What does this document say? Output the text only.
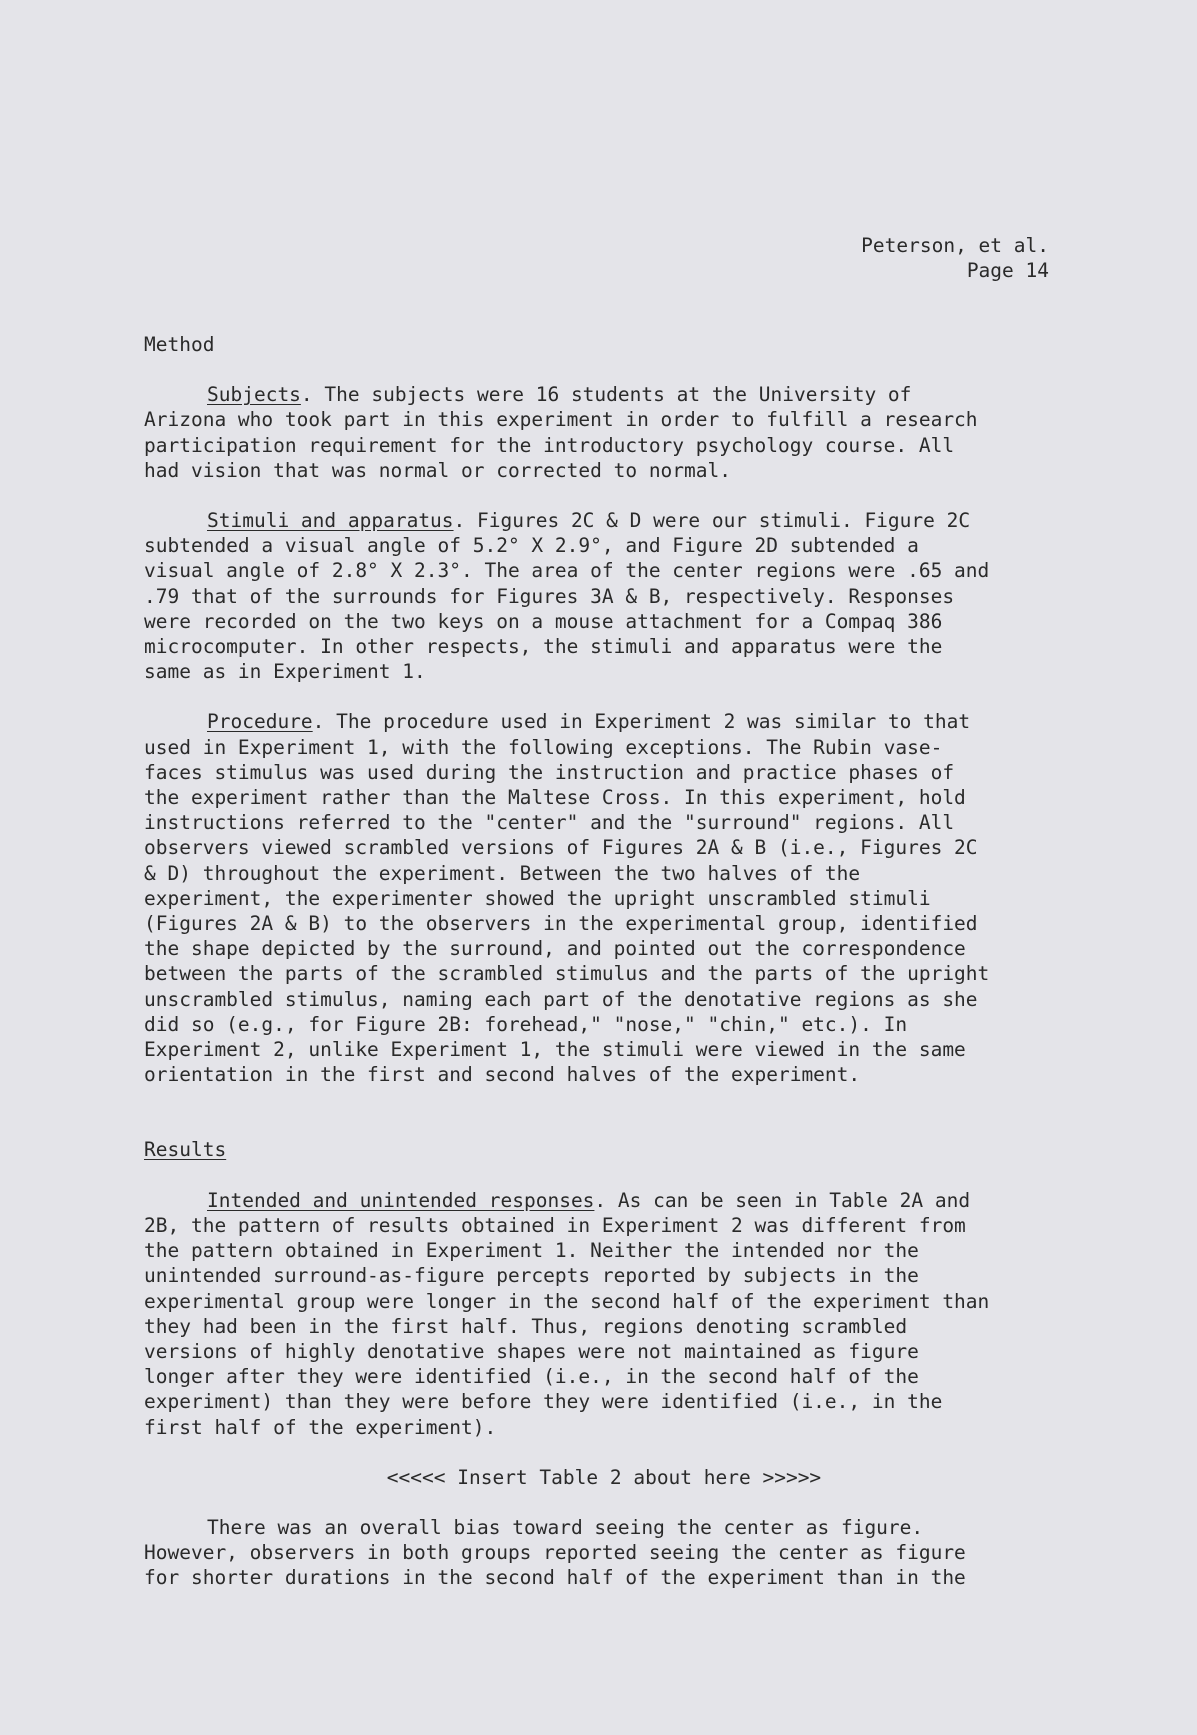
Peterson, et al.
Page 14

Method

Subjects. The subjects were 16 students at the University of
Arizona who took part in this experiment in order to fulfill a research
participation requirement for the introductory psychology course. All
had vision that was normal or corrected to normal.

Stimuli and apparatus. Figures 2C & D were our stimuli. Figure 2C
subtended a visual angle of 5.2° X 2.9°, and Figure 2D subtended a
visual angle of 2.8° X 2.3°. The area of the center regions were .65 and
.79 that of the surrounds for Figures 3A & B, respectively. Responses
were recorded on the two keys on a mouse attachment for a Compaq 386
microcomputer. In other respects, the stimuli and apparatus were the
same as in Experiment 1.

Procedure. The procedure used in Experiment 2 was similar to that
used in Experiment 1, with the following exceptions. The Rubin vase-
faces stimulus was used during the instruction and practice phases of
the experiment rather than the Maltese Cross. In this experiment, hold
instructions referred to the "center" and the "surround" regions. All
observers viewed scrambled versions of Figures 2A & B (i.e., Figures 2C
& D) throughout the experiment. Between the two halves of the
experiment, the experimenter showed the upright unscrambled stimuli
(Figures 2A & B) to the observers in the experimental group, identified
the shape depicted by the surround, and pointed out the correspondence
between the parts of the scrambled stimulus and the parts of the upright
unscrambled stimulus, naming each part of the denotative regions as she
did so (e.g., for Figure 2B: forehead," "nose," "chin," etc.). In
Experiment 2, unlike Experiment 1, the stimuli were viewed in the same
orientation in the first and second halves of the experiment.

Results

Intended and unintended responses. As can be seen in Table 2A and
2B, the pattern of results obtained in Experiment 2 was different from
the pattern obtained in Experiment 1. Neither the intended nor the
unintended surround-as-figure percepts reported by subjects in the
experimental group were longer in the second half of the experiment than
they had been in the first half. Thus, regions denoting scrambled
versions of highly denotative shapes were not maintained as figure
longer after they were identified (i.e., in the second half of the
experiment) than they were before they were identified (i.e., in the
first half of the experiment).

<<<<< Insert Table 2 about here >>>>>

There was an overall bias toward seeing the center as figure.
However, observers in both groups reported seeing the center as figure
for shorter durations in the second half of the experiment than in the
